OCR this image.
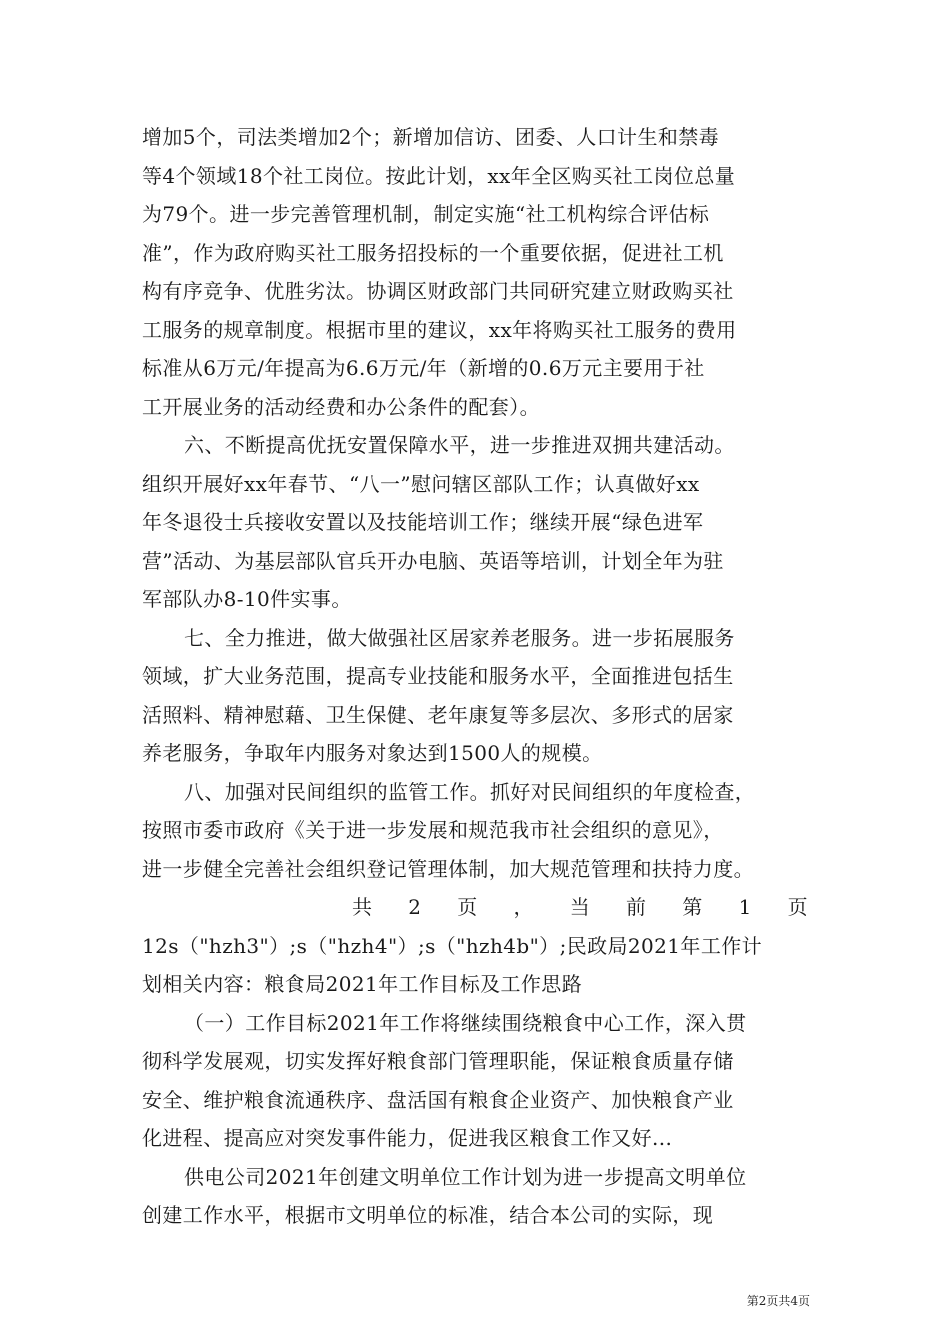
增加5个，司法类增加2个；新增加信访、团委、人口计生和禁毒
等4个领域18个社工岗位。按此计划，xx年全区购买社工岗位总量
为79个。进一步完善管理机制，制定实施“社工机构综合评估标
准”，作为政府购买社工服务招投标的一个重要依据，促进社工机
构有序竞争、优胜劣汰。协调区财政部门共同研究建立财政购买社
工服务的规章制度。根据市里的建议，xx年将购买社工服务的费用
标准从6万元/年提高为6.6万元/年（新增的0.6万元主要用于社
工开展业务的活动经费和办公条件的配套）。

六、不断提高优抚安置保障水平，进一步推进双拥共建活动。
组织开展好xx年春节、“八一”慰问辖区部队工作；认真做好xx
年冬退役士兵接收安置以及技能培训工作；继续开展“绿色进军
营”活动、为基层部队官兵开办电脑、英语等培训，计划全年为驻
军部队办8-10件实事。

七、全力推进，做大做强社区居家养老服务。进一步拓展服务
领域，扩大业务范围，提高专业技能和服务水平，全面推进包括生
活照料、精神慰藉、卫生保健、老年康复等多层次、多形式的居家
养老服务，争取年内服务对象达到1500人的规模。

八、加强对民间组织的监管工作。抓好对民间组织的年度检查，
按照市委市政府《关于进一步发展和规范我市社会组织的意见》，
进一步健全完善社会组织登记管理体制，加大规范管理和扶持力度。

共 2 页 ， 当 前 第 1 页

12s（"hzh3"）;s（"hzh4"）;s（"hzh4b"）;民政局2021年工作计
划相关内容：粮食局2021年工作目标及工作思路

（一）工作目标2021年工作将继续围绕粮食中心工作，深入贯
彻科学发展观，切实发挥好粮食部门管理职能，保证粮食质量存储
安全、维护粮食流通秩序、盘活国有粮食企业资产、加快粮食产业
化进程、提高应对突发事件能力，促进我区粮食工作又好...

供电公司2021年创建文明单位工作计划为进一步提高文明单位
创建工作水平，根据市文明单位的标准，结合本公司的实际，现

第2页共4页
